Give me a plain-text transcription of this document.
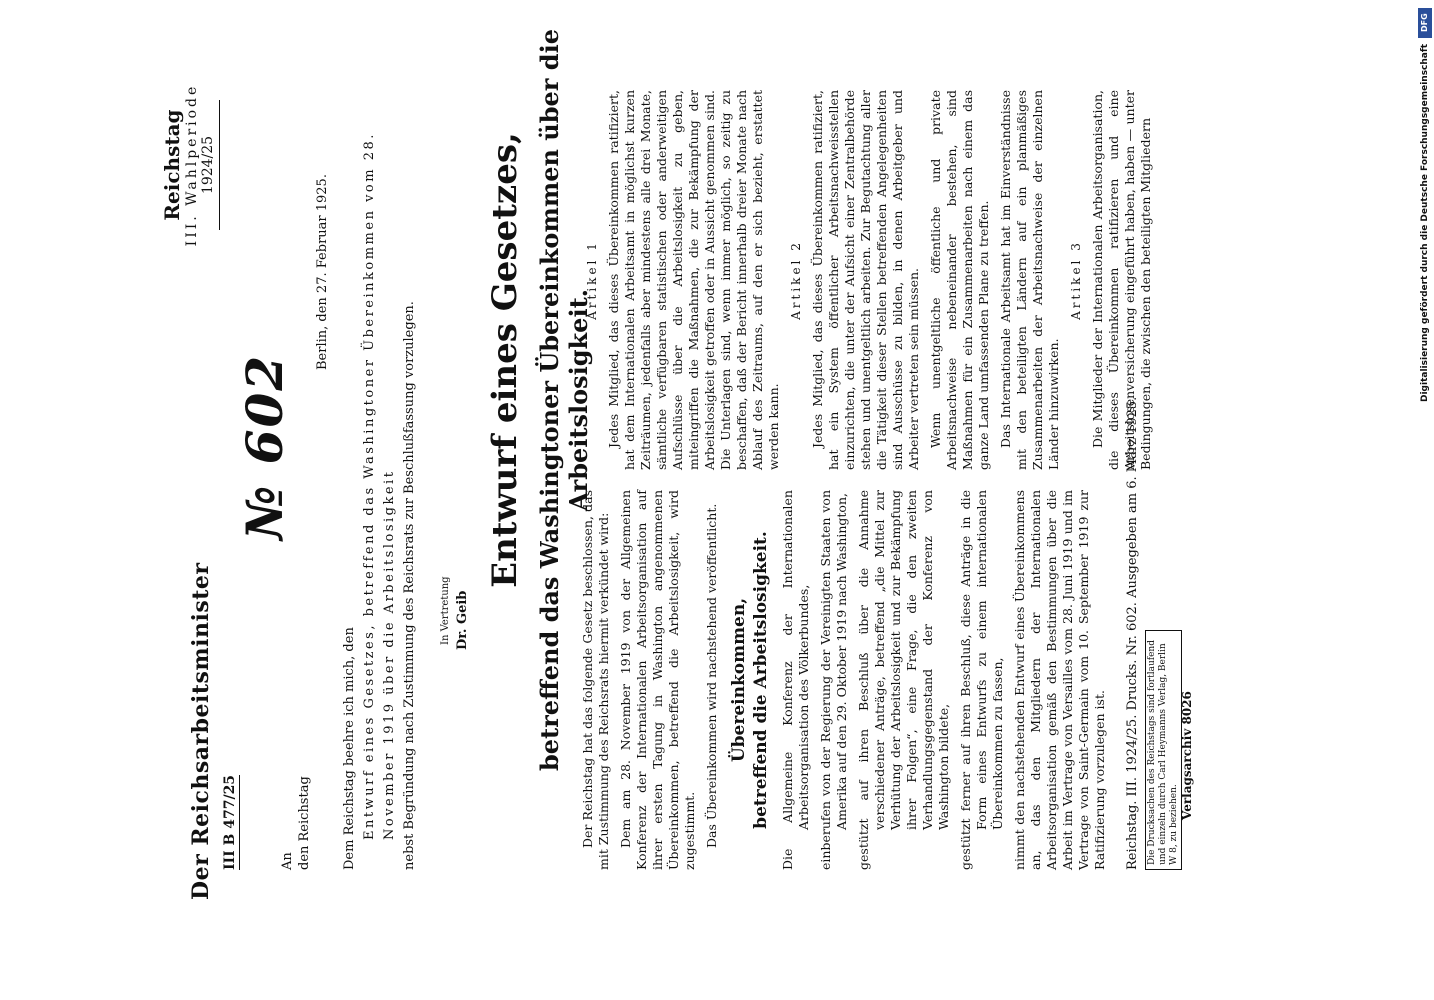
DFG
Digitalisierung gefördert durch die Deutsche Forschungsgemeinschaft
Der Reichsarbeitsminister III B 477/25
№ 602
Reichstag III. Wahlperiode 1924/25
An den Reichstag
Berlin, den 27. Februar 1925.
Dem Reichstag beehre ich mich, den Entwurf eines Gesetzes, betreffend das Washingtoner Übereinkommen vom 28. November 1919 über die Arbeitslosigkeit nebst Begründung nach Zustimmung des Reichsrats zur Beschlußfassung vorzulegen.	In Vertretung Dr. Geib
Entwurf eines Gesetzes, betreffend das Washingtoner Übereinkommen über die Arbeitslosigkeit.

Der Reichstag hat das folgende Gesetz beschlossen, das mit Zustimmung des Reichsrats hiermit verkündet wird: Dem am 28. November 1919 von der Allgemeinen Konferenz der Internationalen Arbeitsorganisation auf ihrer ersten Tagung in Washington angenommenen Übereinkommen, betreffend die Arbeitslosigkeit, wird zugestimmt. Das Übereinkommen wird nachstehend veröffentlicht. Übereinkommen, betreffend die Arbeitslosigkeit. Die Allgemeine Konferenz der Internationalen Arbeitsorganisation des Völkerbundes, einberufen von der Regierung der Vereinigten Staaten von Amerika auf den 29. Oktober 1919 nach Washington, gestützt auf ihren Beschluß über die Annahme verschiedener Anträge, betreffend „die Mittel zur Verhütung der Arbeitslosigkeit und zur Bekämpfung ihrer Folgen“, eine Frage, die den zweiten Verhandlungsgegenstand der Konferenz von Washington bildete, gestützt ferner auf ihren Beschluß, diese Anträge in die Form eines Entwurfs zu einem internationalen Übereinkommen zu fassen, nimmt den nachstehenden Entwurf eines Übereinkommens an, das den Mitgliedern der Internationalen Arbeitsorganisation gemäß den Bestimmungen über die Arbeit im Vertrage von Versailles vom 28. Juni 1919 und im Vertrage von Saint-Germain vom 10. September 1919 zur Ratifizierung vorzulegen ist.

Artikel 1 Jedes Mitglied, das dieses Übereinkommen ratifiziert, hat dem Internationalen Arbeitsamt in möglichst kurzen Zeiträumen, jedenfalls aber mindestens alle drei Monate, sämtliche verfügbaren statistischen oder anderweitigen Aufschlüsse über die Arbeitslosigkeit zu geben, miteingriffen die Maßnahmen, die zur Bekämpfung der Arbeitslosigkeit getroffen oder in Aussicht genommen sind. Die Unterlagen sind, wenn immer möglich, so zeitig zu beschaffen, daß der Bericht innerhalb dreier Monate nach Ablauf des Zeitraums, auf den er sich bezieht, erstattet werden kann.

Artikel 2 Jedes Mitglied, das dieses Übereinkommen ratifiziert, hat ein System öffentlicher Arbeitsnachweisstellen einzurichten, die unter der Aufsicht einer Zentralbehörde stehen und unentgeltlich arbeiten. Zur Begutachtung aller die Tätigkeit dieser Stellen betreffenden Angelegenheiten sind Ausschüsse zu bilden, in denen Arbeitgeber und Arbeiter vertreten sein müssen. Wenn unentgeltliche öffentliche und private Arbeitsnachweise nebeneinander bestehen, sind Maßnahmen für ein Zusammenarbeiten nach einem das ganze Land umfassenden Plane zu treffen. Das Internationale Arbeitsamt hat im Einverständnisse mit den beteiligten Ländern auf ein planmäßiges Zusammenarbeiten der Arbeitsnachweise der einzelnen Länder hinzuwirken.

Artikel 3 Die Mitglieder der Internationalen Arbeitsorganisation, die dieses Übereinkommen ratifizieren und eine Arbeitslosenversicherung eingeführt haben, haben — unter Bedingungen, die zwischen den beteiligten Mitgliedern

Reichstag. III. 1924/25. Drucks. Nr. 602. Ausgegeben am 6. März 1925. Die Drucksachen des Reichstags sind fortlaufend und einzeln durch Carl Heymanns Verlag, Berlin W 8, zu beziehen.
Verlagsarchiv 8026
